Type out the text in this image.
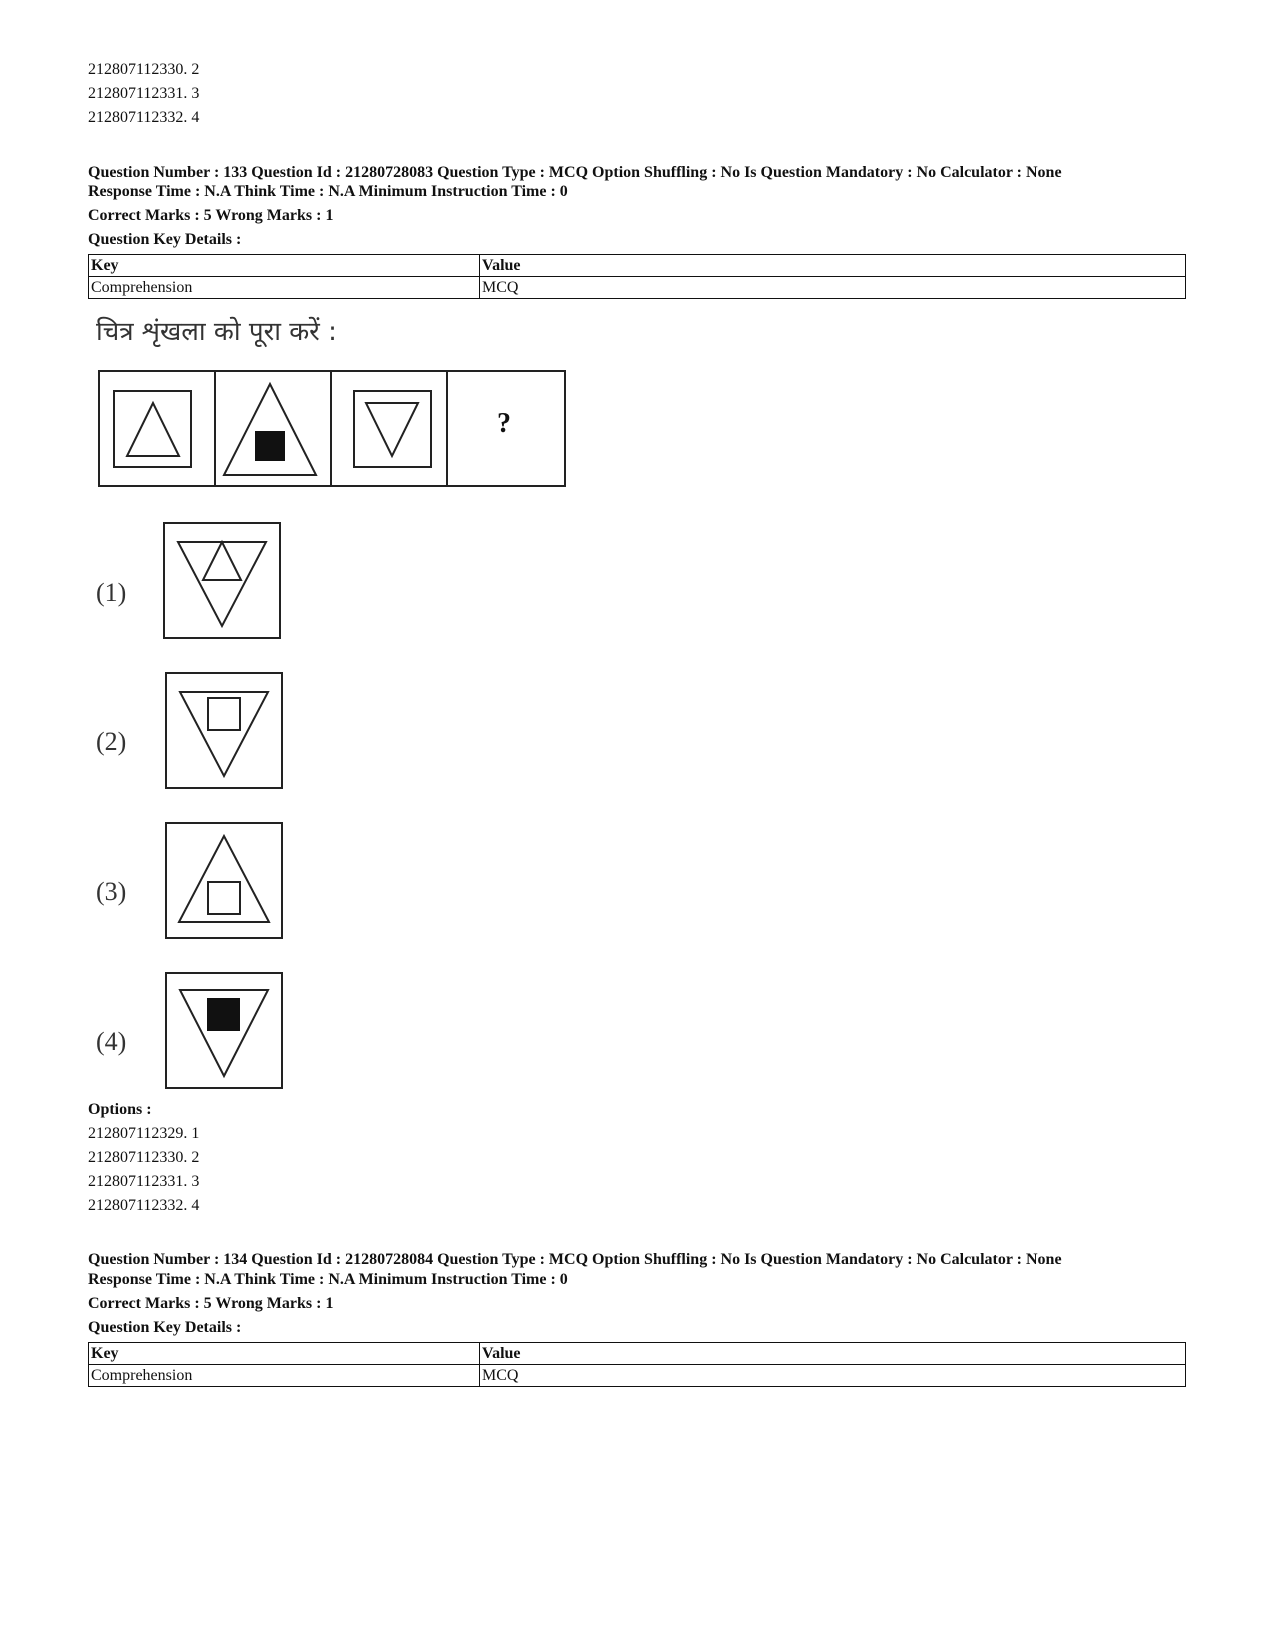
212807112330. 2
212807112331. 3
212807112332. 4
Question Number : 133 Question Id : 21280728083 Question Type : MCQ Option Shuffling : No Is Question Mandatory : No Calculator : None
Response Time : N.A Think Time : N.A Minimum Instruction Time : 0
Correct Marks : 5 Wrong Marks : 1
Question Key Details :
Key	Value
Comprehension	MCQ
चित्र शृंखला को पूरा करें :
?
(1)
(2)
(3)
(4)
Options :
212807112329. 1
212807112330. 2
212807112331. 3
212807112332. 4
Question Number : 134 Question Id : 21280728084 Question Type : MCQ Option Shuffling : No Is Question Mandatory : No Calculator : None
Response Time : N.A Think Time : N.A Minimum Instruction Time : 0
Correct Marks : 5 Wrong Marks : 1
Question Key Details :
Key	Value
Comprehension	MCQ
